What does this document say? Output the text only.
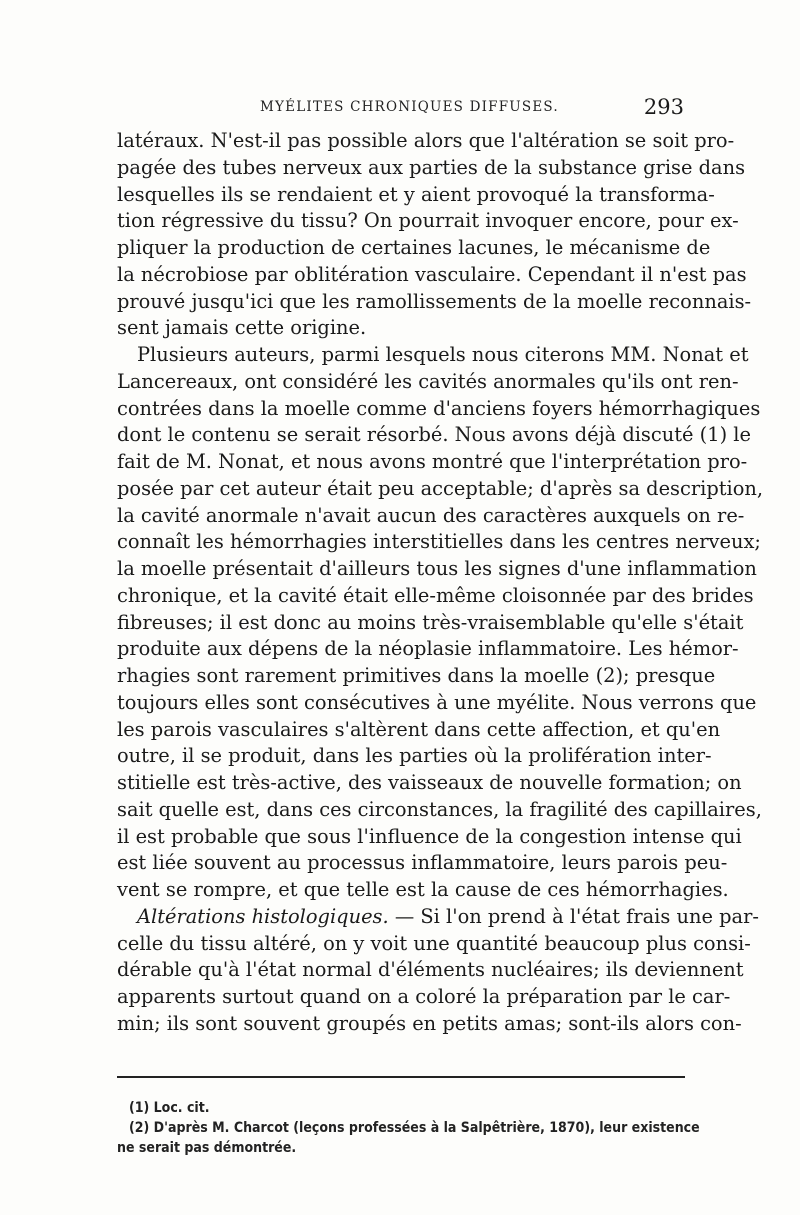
MYÉLITES CHRONIQUES DIFFUSES.	293
latéraux. N'est-il pas possible alors que l'altération se soit pro-
pagée des tubes nerveux aux parties de la substance grise dans
lesquelles ils se rendaient et y aient provoqué la transforma-
tion régressive du tissu? On pourrait invoquer encore, pour ex-
pliquer la production de certaines lacunes, le mécanisme de
la nécrobiose par oblitération vasculaire. Cependant il n'est pas
prouvé jusqu'ici que les ramollissements de la moelle reconnais-
sent jamais cette origine.
Plusieurs auteurs, parmi lesquels nous citerons MM. Nonat et
Lancereaux, ont considéré les cavités anormales qu'ils ont ren-
contrées dans la moelle comme d'anciens foyers hémorrhagiques
dont le contenu se serait résorbé. Nous avons déjà discuté (1) le
fait de M. Nonat, et nous avons montré que l'interprétation pro-
posée par cet auteur était peu acceptable; d'après sa description,
la cavité anormale n'avait aucun des caractères auxquels on re-
connaît les hémorrhagies interstitielles dans les centres nerveux;
la moelle présentait d'ailleurs tous les signes d'une inflammation
chronique, et la cavité était elle-même cloisonnée par des brides
fibreuses; il est donc au moins très-vraisemblable qu'elle s'était
produite aux dépens de la néoplasie inflammatoire. Les hémor-
rhagies sont rarement primitives dans la moelle (2); presque
toujours elles sont consécutives à une myélite. Nous verrons que
les parois vasculaires s'altèrent dans cette affection, et qu'en
outre, il se produit, dans les parties où la prolifération inter-
stitielle est très-active, des vaisseaux de nouvelle formation; on
sait quelle est, dans ces circonstances, la fragilité des capillaires,
il est probable que sous l'influence de la congestion intense qui
est liée souvent au processus inflammatoire, leurs parois peu-
vent se rompre, et que telle est la cause de ces hémorrhagies.
Altérations histologiques. — Si l'on prend à l'état frais une par-
celle du tissu altéré, on y voit une quantité beaucoup plus consi-
dérable qu'à l'état normal d'éléments nucléaires; ils deviennent
apparents surtout quand on a coloré la préparation par le car-
min; ils sont souvent groupés en petits amas; sont-ils alors con-
(1) Loc. cit.
(2) D'après M. Charcot (leçons professées à la Salpêtrière, 1870), leur existence
ne serait pas démontrée.
